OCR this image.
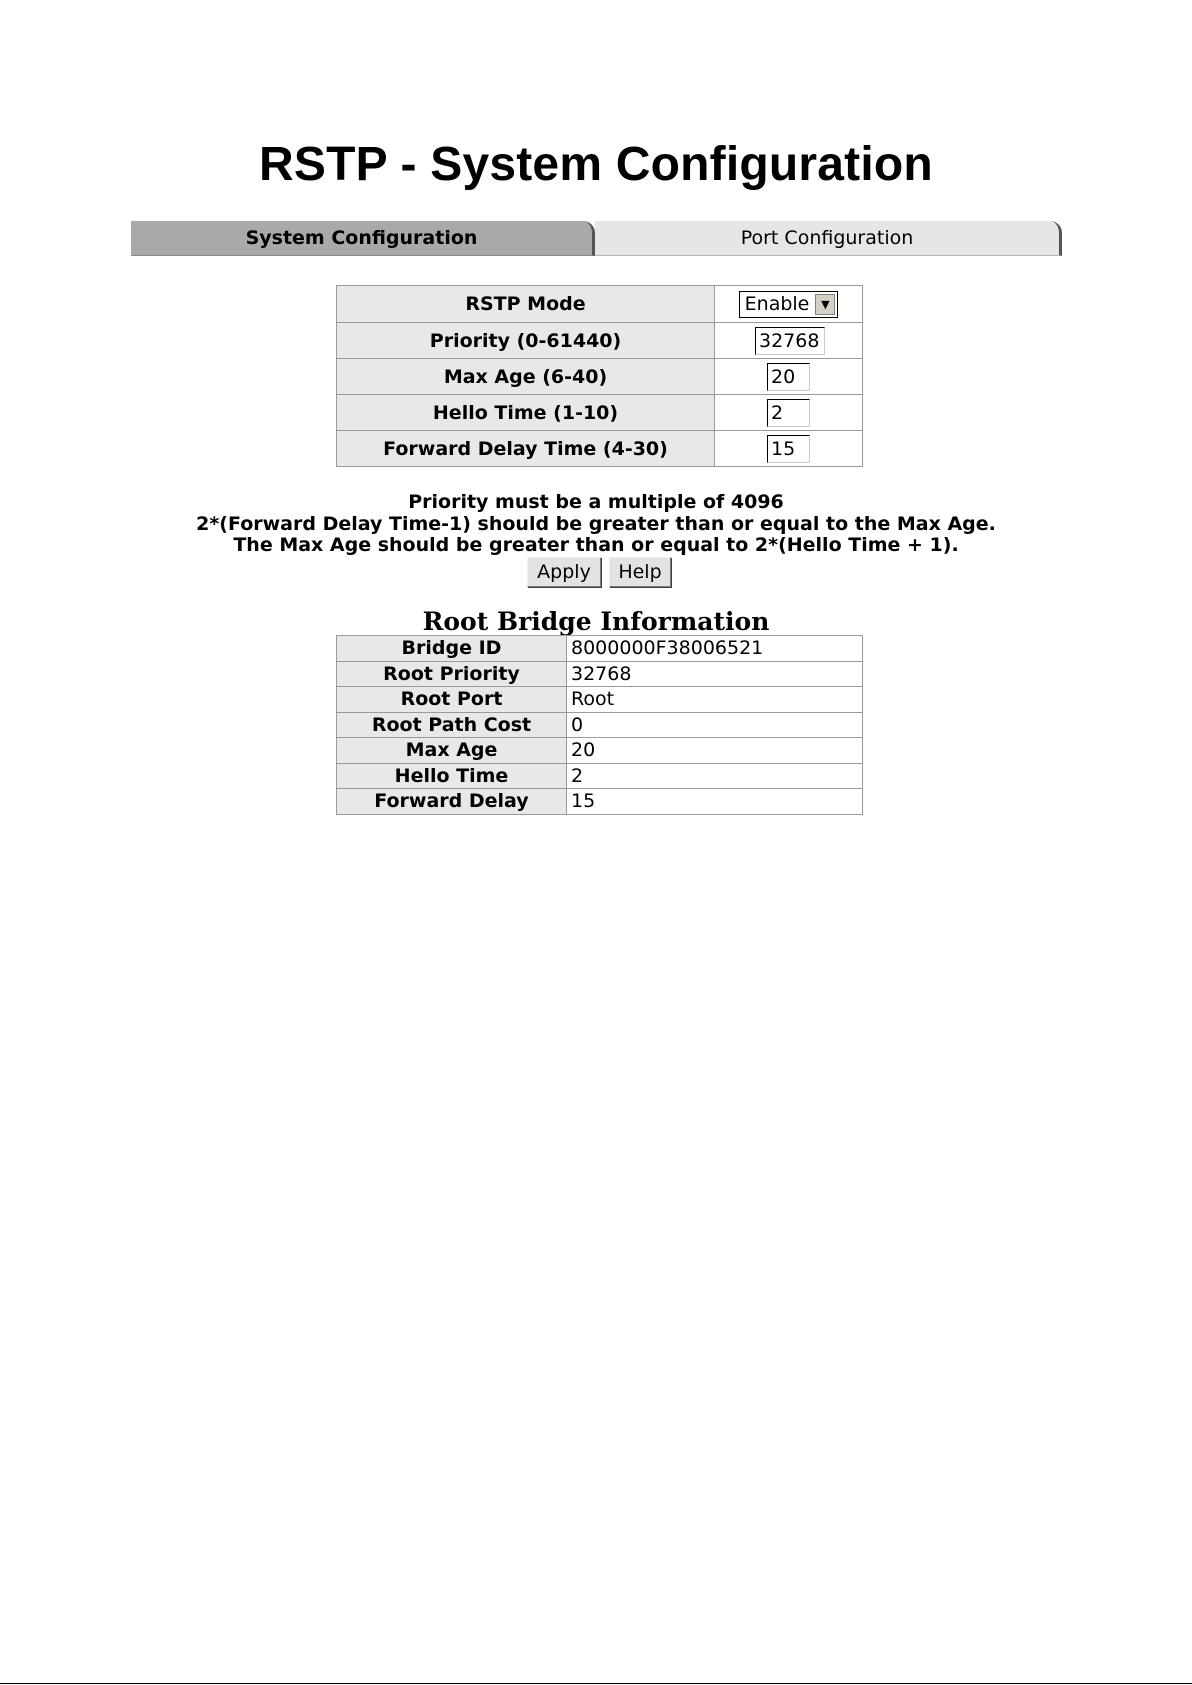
RSTP - System Configuration
System Configuration	Port Configuration
RSTP Mode	Enable ▼

Priority (0-61440)	32768
Max Age (6-40)	20
Hello Time (1-10)	2
Forward Delay Time (4-30)	15
Priority must be a multiple of 4096
2*(Forward Delay Time-1) should be greater than or equal to the Max Age.
The Max Age should be greater than or equal to 2*(Hello Time + 1).
Apply	Help
Root Bridge Information
Bridge ID	8000000F38006521
Root Priority	32768
Root Port	Root
Root Path Cost	0
Max Age	20
Hello Time	2
Forward Delay	15
